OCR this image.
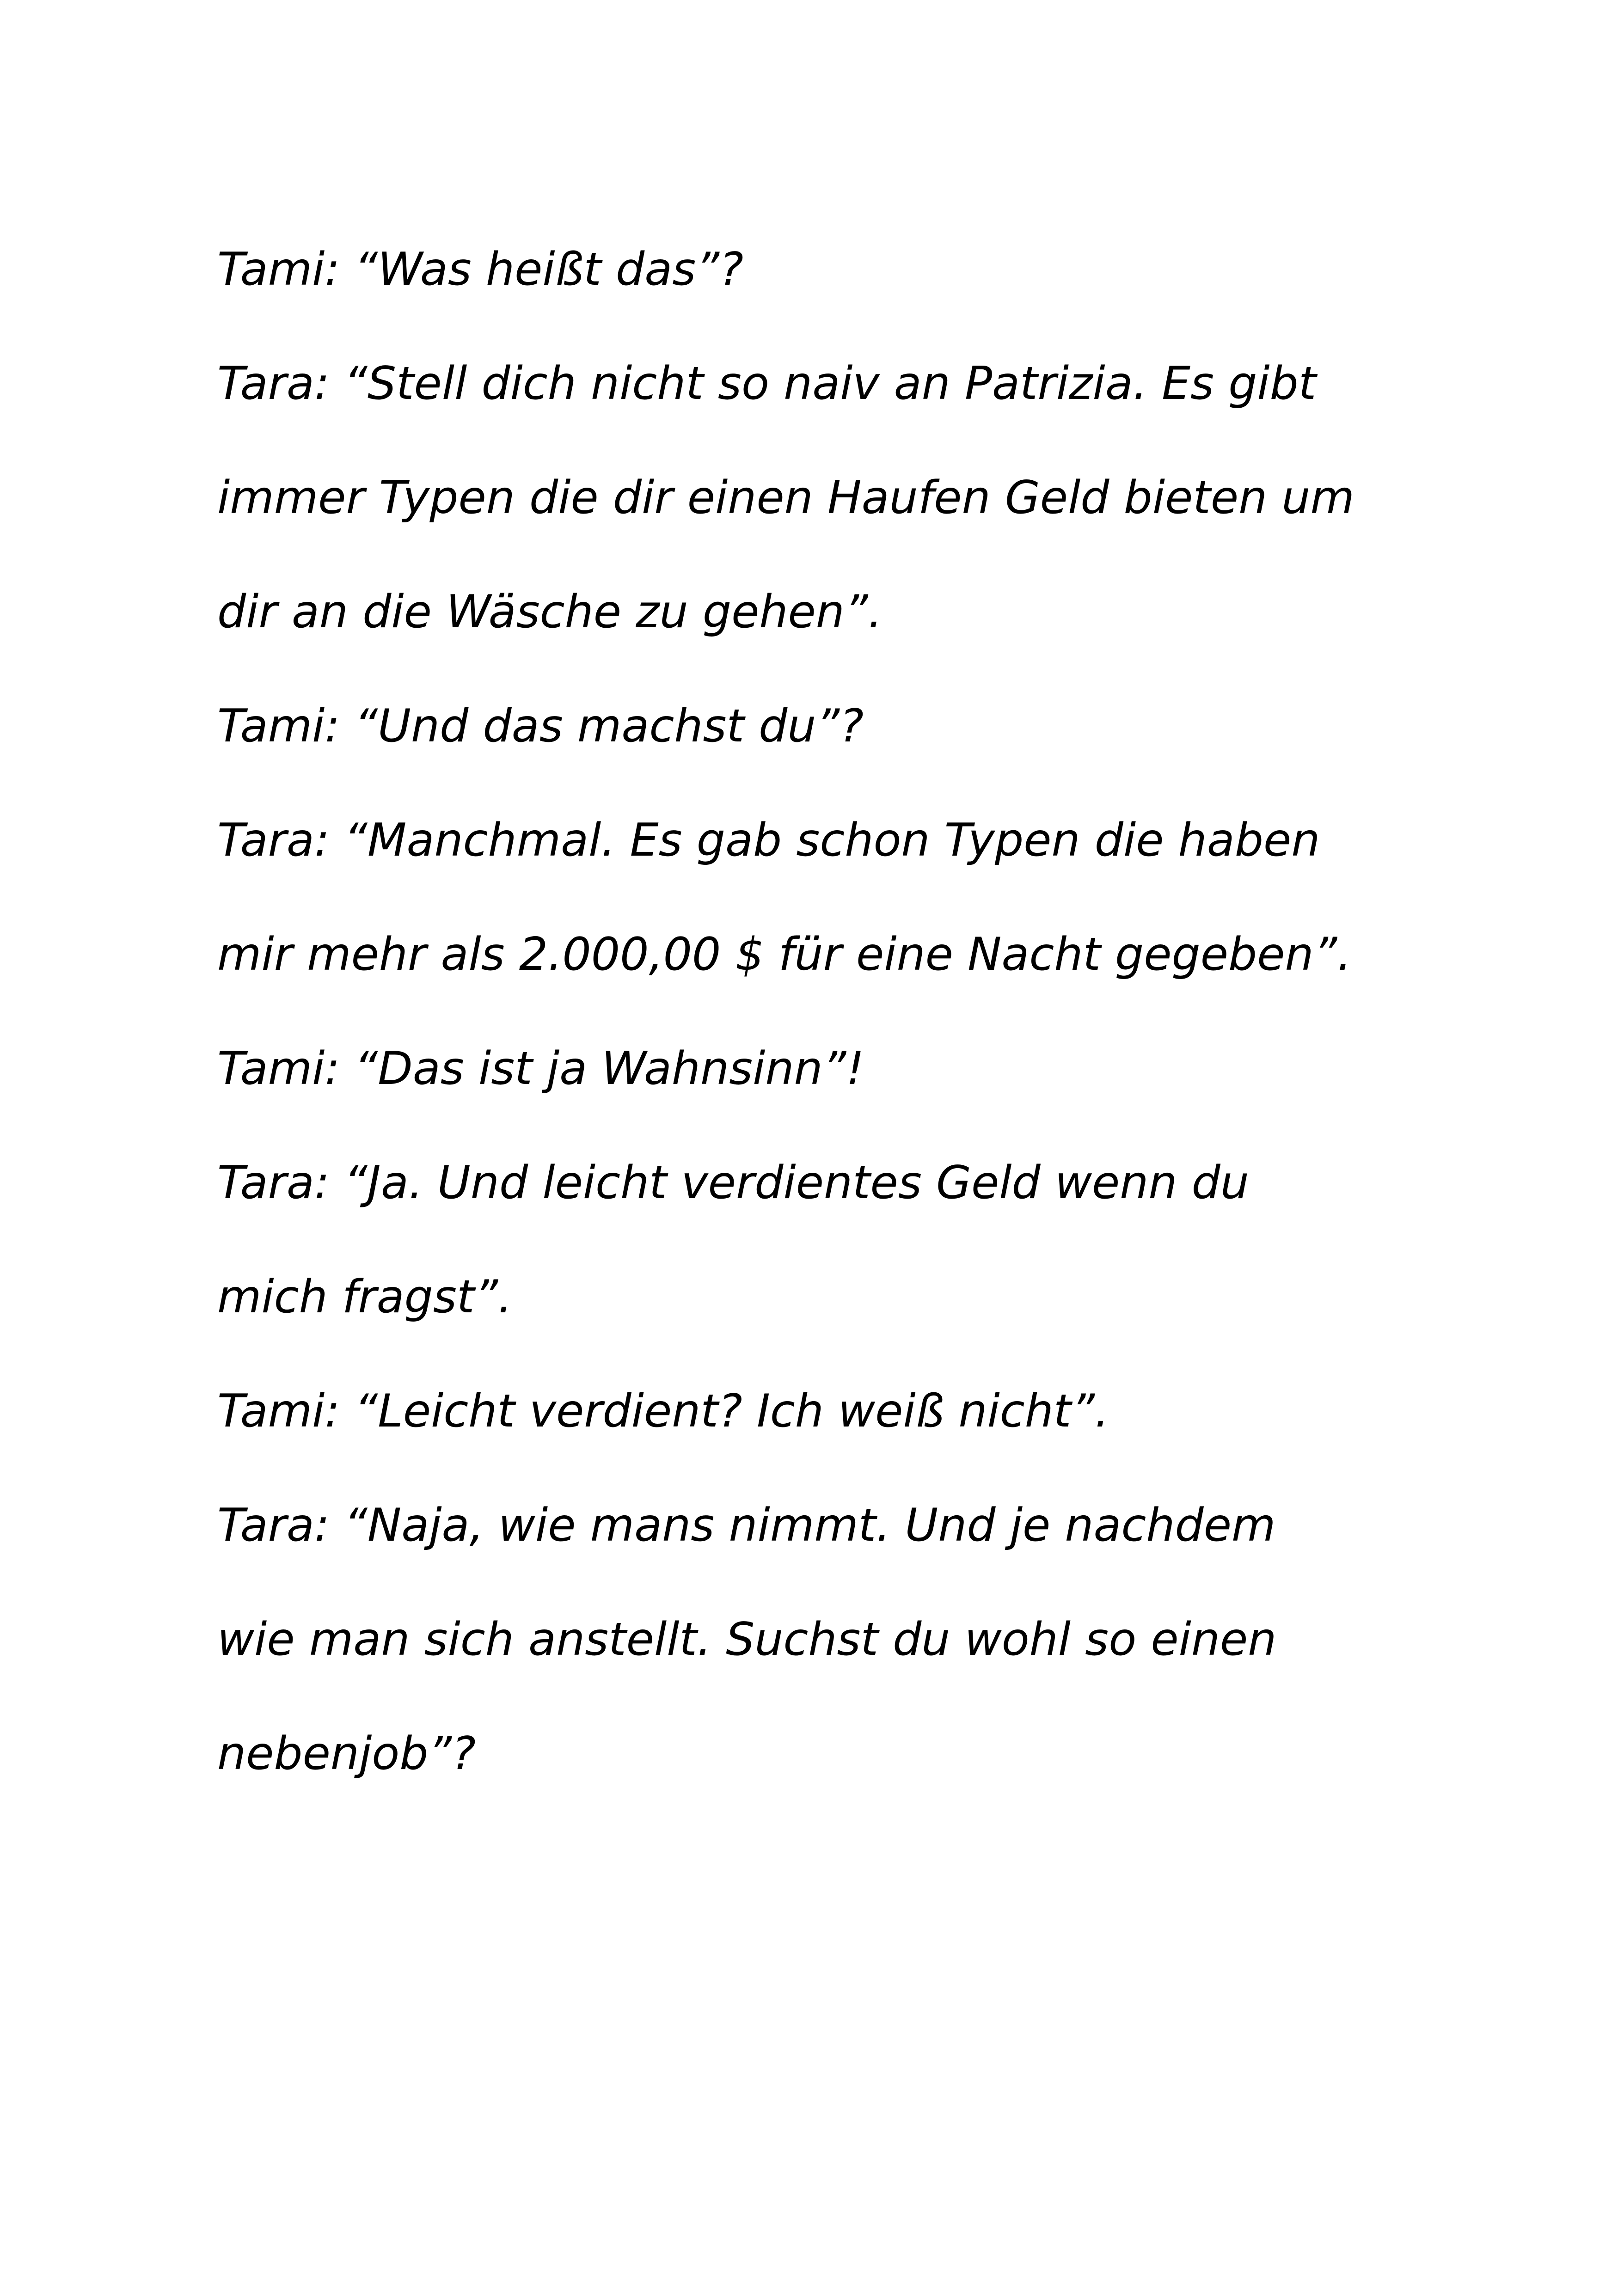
Tami: “Was heißt das”?

Tara: “Stell dich nicht so naiv an Patrizia. Es gibt

immer Typen die dir einen Haufen Geld bieten um

dir an die Wäsche zu gehen”.

Tami: “Und das machst du”?

Tara: “Manchmal. Es gab schon Typen die haben

mir mehr als 2.000,00 $ für eine Nacht gegeben”.

Tami: “Das ist ja Wahnsinn”!

Tara: “Ja. Und leicht verdientes Geld wenn du

mich fragst”.

Tami: “Leicht verdient? Ich weiß nicht”.

Tara: “Naja, wie mans nimmt. Und je nachdem

wie man sich anstellt. Suchst du wohl so einen

nebenjob”?
